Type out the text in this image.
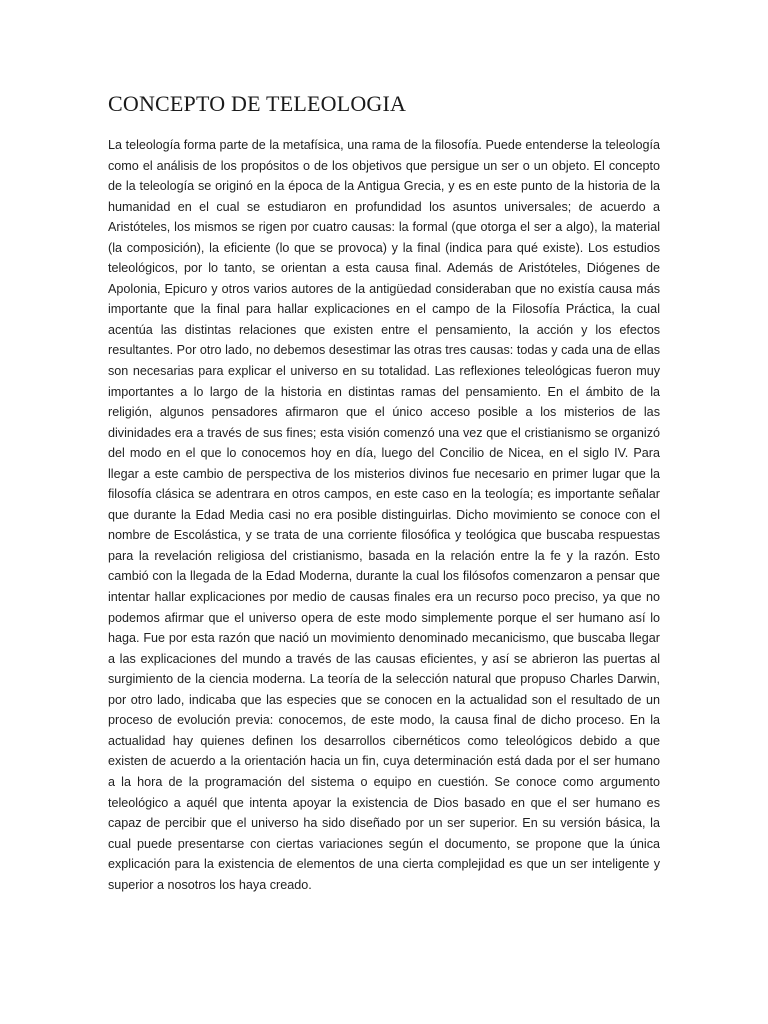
CONCEPTO DE TELEOLOGIA

La teleología forma parte de la metafísica, una rama de la filosofía. Puede entenderse la teleología como el análisis de los propósitos o de los objetivos que persigue un ser o un objeto. El concepto de la teleología se originó en la época de la Antigua Grecia, y es en este punto de la historia de la humanidad en el cual se estudiaron en profundidad los asuntos universales; de acuerdo a Aristóteles, los mismos se rigen por cuatro causas: la formal (que otorga el ser a algo), la material (la composición), la eficiente (lo que se provoca) y la final (indica para qué existe). Los estudios teleológicos, por lo tanto, se orientan a esta causa final. Además de Aristóteles, Diógenes de Apolonia, Epicuro y otros varios autores de la antigüedad consideraban que no existía causa más importante que la final para hallar explicaciones en el campo de la Filosofía Práctica, la cual acentúa las distintas relaciones que existen entre el pensamiento, la acción y los efectos resultantes. Por otro lado, no debemos desestimar las otras tres causas: todas y cada una de ellas son necesarias para explicar el universo en su totalidad. Las reflexiones teleológicas fueron muy importantes a lo largo de la historia en distintas ramas del pensamiento. En el ámbito de la religión, algunos pensadores afirmaron que el único acceso posible a los misterios de las divinidades era a través de sus fines; esta visión comenzó una vez que el cristianismo se organizó del modo en el que lo conocemos hoy en día, luego del Concilio de Nicea, en el siglo IV. Para llegar a este cambio de perspectiva de los misterios divinos fue necesario en primer lugar que la filosofía clásica se adentrara en otros campos, en este caso en la teología; es importante señalar que durante la Edad Media casi no era posible distinguirlas. Dicho movimiento se conoce con el nombre de Escolástica, y se trata de una corriente filosófica y teológica que buscaba respuestas para la revelación religiosa del cristianismo, basada en la relación entre la fe y la razón. Esto cambió con la llegada de la Edad Moderna, durante la cual los filósofos comenzaron a pensar que intentar hallar explicaciones por medio de causas finales era un recurso poco preciso, ya que no podemos afirmar que el universo opera de este modo simplemente porque el ser humano así lo haga. Fue por esta razón que nació un movimiento denominado mecanicismo, que buscaba llegar a las explicaciones del mundo a través de las causas eficientes, y así se abrieron las puertas al surgimiento de la ciencia moderna. La teoría de la selección natural que propuso Charles Darwin, por otro lado, indicaba que las especies que se conocen en la actualidad son el resultado de un proceso de evolución previa: conocemos, de este modo, la causa final de dicho proceso. En la actualidad hay quienes definen los desarrollos cibernéticos como teleológicos debido a que existen de acuerdo a la orientación hacia un fin, cuya determinación está dada por el ser humano a la hora de la programación del sistema o equipo en cuestión. Se conoce como argumento teleológico a aquél que intenta apoyar la existencia de Dios basado en que el ser humano es capaz de percibir que el universo ha sido diseñado por un ser superior. En su versión básica, la cual puede presentarse con ciertas variaciones según el documento, se propone que la única explicación para la existencia de elementos de una cierta complejidad es que un ser inteligente y superior a nosotros los haya creado.
